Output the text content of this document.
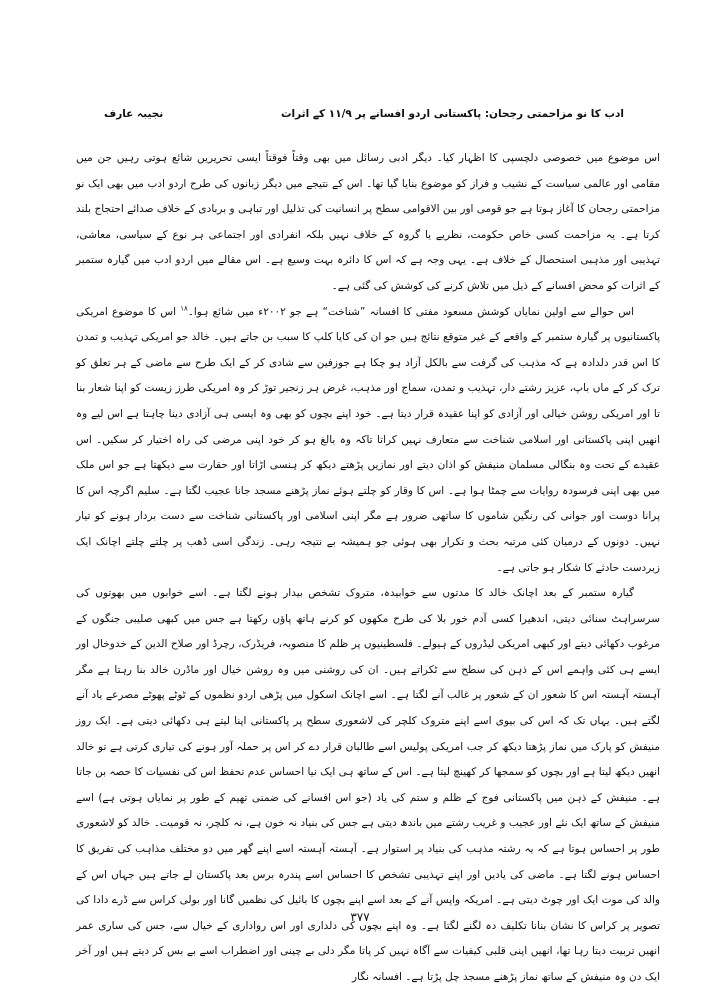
ادب کا نو مزاحمتی رجحان: پاکستانی اردو افسانے پر ۱۱/۹ کے اثرات
نجیبہ عارف

اس موضوع میں خصوصی دلچسپی کا اظہار کیا۔ دیگر ادبی رسائل میں بھی وقتاً فوقتاً ایسی تحریریں شائع ہوتی رہیں جن میں مقامی اور عالمی سیاست کے نشیب و فراز کو موضوع بنایا گیا تھا۔ اس کے نتیجے میں دیگر زبانوں کی طرح اردو ادب میں بھی ایک نو مزاحمتی رجحان کا آغاز ہوتا ہے جو قومی اور بین الاقوامی سطح پر انسانیت کی تذلیل اور تباہی و بربادی کے خلاف صدائے احتجاج بلند کرتا ہے۔ یہ مزاحمت کسی خاص حکومت، نظریے یا گروہ کے خلاف نہیں بلکہ انفرادی اور اجتماعی ہر نوع کے سیاسی، معاشی، تہذیبی اور مذہبی استحصال کے خلاف ہے۔ یہی وجہ ہے کہ اس کا دائرہ بہت وسیع ہے۔ اس مقالے میں اردو ادب میں گیارہ ستمبر کے اثرات کو محض افسانے کے ذیل میں تلاش کرنے کی کوشش کی گئی ہے۔

اس حوالے سے اولین نمایاں کوشش مسعود مفتی کا افسانہ ”شناخت“ ہے جو ۲۰۰۲ء میں شائع ہوا۔$^{۱۸}$ اس کا موضوع امریکی پاکستانیوں پر گیارہ ستمبر کے واقعے کے غیر متوقع نتائج ہیں جو ان کی کایا کلپ کا سبب بن جاتے ہیں۔ خالد جو امریکی تہذیب و تمدن کا اس قدر دلدادہ ہے کہ مذہب کی گرفت سے بالکل آزاد ہو چکا ہے جوزفین سے شادی کر کے ایک طرح سے ماضی کے ہر تعلق کو ترک کر کے ماں باپ، عزیز رشتے دار، تہذیب و تمدن، سماج اور مذہب، غرض ہر زنجیر توڑ کر وہ امریکی طرز زیست کو اپنا شعار بنا تا اور امریکی روشن خیالی اور آزادی کو اپنا عقیدہ قرار دیتا ہے۔ خود اپنے بچوں کو بھی وہ ایسی ہی آزادی دینا چاہتا ہے اس لیے وہ انھیں اپنی پاکستانی اور اسلامی شناخت سے متعارف نہیں کراتا تاکہ وہ بالغ ہو کر خود اپنی مرضی کی راہ اختیار کر سکیں۔ اس عقیدے کے تحت وہ بنگالی مسلمان منیفش کو اذان دیتے اور نمازیں پڑھتے دیکھ کر ہنسی اڑاتا اور حقارت سے دیکھتا ہے جو اس ملک میں بھی اپنی فرسودہ روایات سے چمٹا ہوا ہے۔ اس کا وقار کو چلتے ہوئے نماز پڑھنے مسجد جانا عجیب لگتا ہے۔ سلیم اگرچہ اس کا پرانا دوست اور جوانی کی رنگین شاموں کا ساتھی ضرور ہے مگر اپنی اسلامی اور پاکستانی شناخت سے دست بردار ہونے کو تیار نہیں۔ دونوں کے درمیان کئی مرتبہ بحث و تکرار بھی ہوئی جو ہمیشہ بے نتیجہ رہی۔ زندگی اسی ڈھب پر چلتے چلتے اچانک ایک زبردست حادثے کا شکار ہو جاتی ہے۔

گیارہ ستمبر کے بعد اچانک خالد کا مدتوں سے خوابیدہ، متروک تشخص بیدار ہونے لگتا ہے۔ اسے خوابوں میں بھوتوں کی سرسراہٹ سنائی دیتی، اندھیرا کسی آدم خور بلا کی طرح مکھوں کو کرنے ہاتھ پاؤں رکھتا ہے جس میں کبھی صلیبی جنگوں کے مرغوب دکھائی دیتے اور کبھی امریکی لیڈروں کے ہیولے۔ فلسطینیوں پر ظلم کا منصوبہ، فریڈرک، رچرڈ اور صلاح الدین کے خدوخال اور ایسے ہی کئی واہمے اس کے ذہن کی سطح سے ٹکراتے ہیں۔ ان کی روشنی میں وہ روشن خیال اور ماڈرن خالد بنا رہتا ہے مگر آہستہ آہستہ اس کا شعور ان کے شعور پر غالب آنے لگتا ہے۔ اسے اچانک اسکول میں پڑھی اردو نظموں کے ٹوٹے پھوٹے مصرعے یاد آنے لگتے ہیں۔ یہاں تک کہ اس کی بیوی اسے اپنے متروک کلچر کی لاشعوری سطح پر پاکستانی اپنا لیتے ہی دکھائی دیتی ہے۔ ایک روز منیفش کو پارک میں نماز پڑھتا دیکھ کر جب امریکی پولیس اسے طالبان قرار دے کر اس پر حملہ آور ہونے کی تیاری کرتی ہے تو خالد انھیں دیکھ لیتا ہے اور بچوں کو سمجھا کر کھینچ لیتا ہے۔ اس کے ساتھ ہی ایک نیا احساس عدم تحفظ اس کی نفسیات کا حصہ بن جاتا ہے۔ منیفش کے ذہن میں پاکستانی فوج کے ظلم و ستم کی یاد (جو اس افسانے کی ضمنی تھیم کے طور پر نمایاں ہوتی ہے) اسے منیفش کے ساتھ ایک نئے اور عجیب و غریب رشتے میں باندھ دیتی ہے جس کی بنیاد نہ خون ہے، نہ کلچر، نہ قومیت۔ خالد کو لاشعوری طور پر احساس ہوتا ہے کہ یہ رشتہ مذہب کی بنیاد پر استوار ہے۔ آہستہ آہستہ اسے اپنے گھر میں دو مختلف مذاہب کی تفریق کا احساس ہونے لگتا ہے۔ ماضی کی یادیں اور اپنے تہذیبی تشخص کا احساس اسے پندرہ برس بعد پاکستان لے جاتے ہیں جہاں اس کے والد کی موت ایک اور چوٹ دیتی ہے۔ امریکہ واپس آنے کے بعد اسے اپنے بچوں کا بائیل کی نظمیں گانا اور بولی کراس سے ڈرے دادا کی تصویر پر کراس کا نشان بنانا تکلیف دہ لگنے لگتا ہے۔ وہ اپنے بچوں کی دلداری اور اس رواداری کے خیال سے، جس کی ساری عمر انھیں تربیت دیتا رہا تھا، انھیں اپنی قلبی کیفیات سے آگاہ نہیں کر پاتا مگر دلی بے چینی اور اضطراب اسے بے بس کر دیتے ہیں اور آخر ایک دن وہ منیفش کے ساتھ نماز پڑھنے مسجد چل پڑتا ہے۔ افسانہ نگار

۳۷۷
